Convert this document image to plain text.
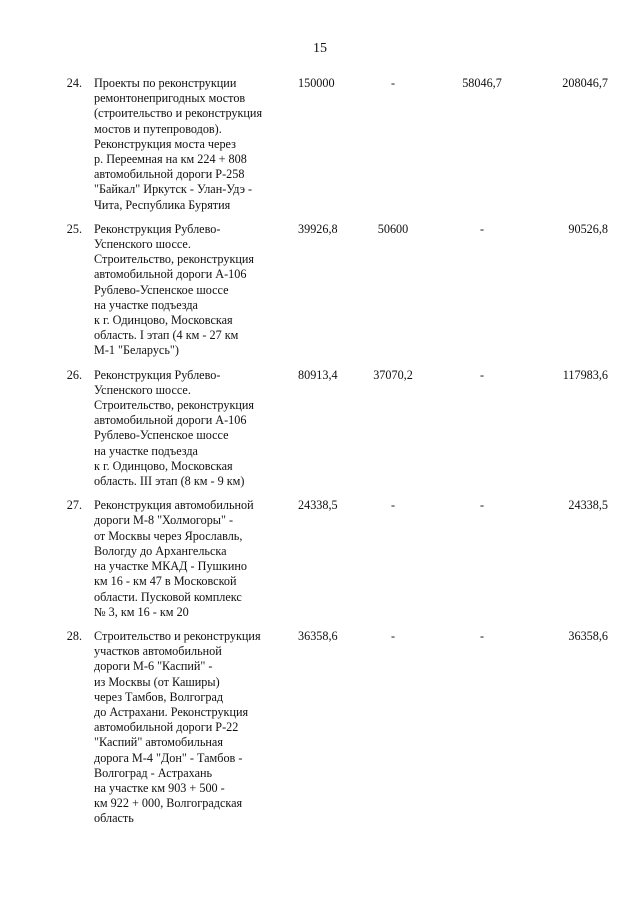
15
24. Проекты по реконструкции
ремонтонепригодных мостов
(строительство и реконструкция
мостов и путепроводов).
Реконструкция моста через
р. Переемная на км 224 + 808
автомобильной дороги Р-258
"Байкал" Иркутск - Улан-Удэ -
Чита, Республика Бурятия
150000	-	58046,7	208046,7
25. Реконструкция Рублево-
Успенского шоссе.
Строительство, реконструкция
автомобильной дороги А-106
Рублево-Успенское шоссе
на участке подъезда
к г. Одинцово, Московская
область. I этап (4 км - 27 км
М-1 "Беларусь")
39926,8	50600	-	90526,8
26. Реконструкция Рублево-
Успенского шоссе.
Строительство, реконструкция
автомобильной дороги А-106
Рублево-Успенское шоссе
на участке подъезда
к г. Одинцово, Московская
область. III этап (8 км - 9 км)
80913,4	37070,2	-	117983,6
27. Реконструкция автомобильной
дороги М-8 "Холмогоры" -
от Москвы через Ярославль,
Вологду до Архангельска
на участке МКАД - Пушкино
км 16 - км 47 в Московской
области. Пусковой комплекс
№ 3, км 16 - км 20
24338,5	-	-	24338,5
28. Строительство и реконструкция
участков автомобильной
дороги М-6 "Каспий" -
из Москвы (от Каширы)
через Тамбов, Волгоград
до Астрахани. Реконструкция
автомобильной дороги Р-22
"Каспий" автомобильная
дорога М-4 "Дон" - Тамбов -
Волгоград - Астрахань
на участке км 903 + 500 -
км 922 + 000, Волгоградская
область
36358,6	-	-	36358,6
